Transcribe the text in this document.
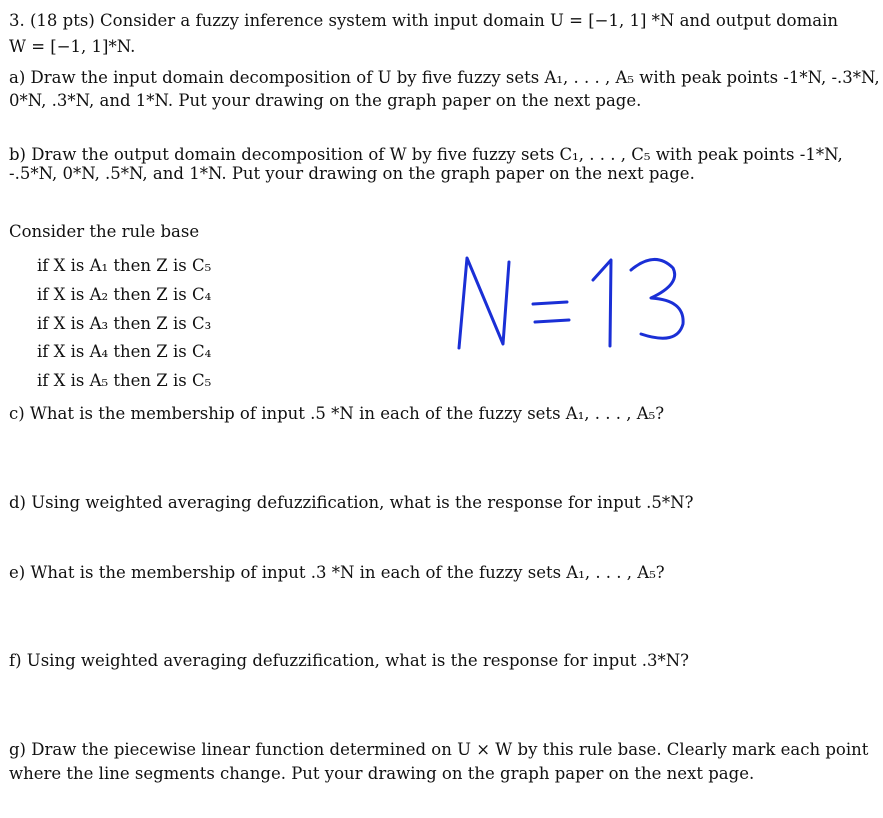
3. (18 pts) Consider a fuzzy inference system with input domain U = [−1, 1] *N and output domain
W = [−1, 1]*N.
a) Draw the input domain decomposition of U by five fuzzy sets A₁, . . . , A₅ with peak points -1*N, -.3*N,
0*N, .3*N, and 1*N. Put your drawing on the graph paper on the next page.
b) Draw the output domain decomposition of W by five fuzzy sets C₁, . . . , C₅ with peak points -1*N,
-.5*N, 0*N, .5*N, and 1*N. Put your drawing on the graph paper on the next page.
Consider the rule base
if X is A₁ then Z is C₅
if X is A₂ then Z is C₄
if X is A₃ then Z is C₃
if X is A₄ then Z is C₄
if X is A₅ then Z is C₅
c) What is the membership of input .5 *N in each of the fuzzy sets A₁, . . . , A₅?
d) Using weighted averaging defuzzification, what is the response for input .5*N?
e) What is the membership of input .3 *N in each of the fuzzy sets A₁, . . . , A₅?
f) Using weighted averaging defuzzification, what is the response for input .3*N?
g) Draw the piecewise linear function determined on U × W by this rule base. Clearly mark each point
where the line segments change. Put your drawing on the graph paper on the next page.
